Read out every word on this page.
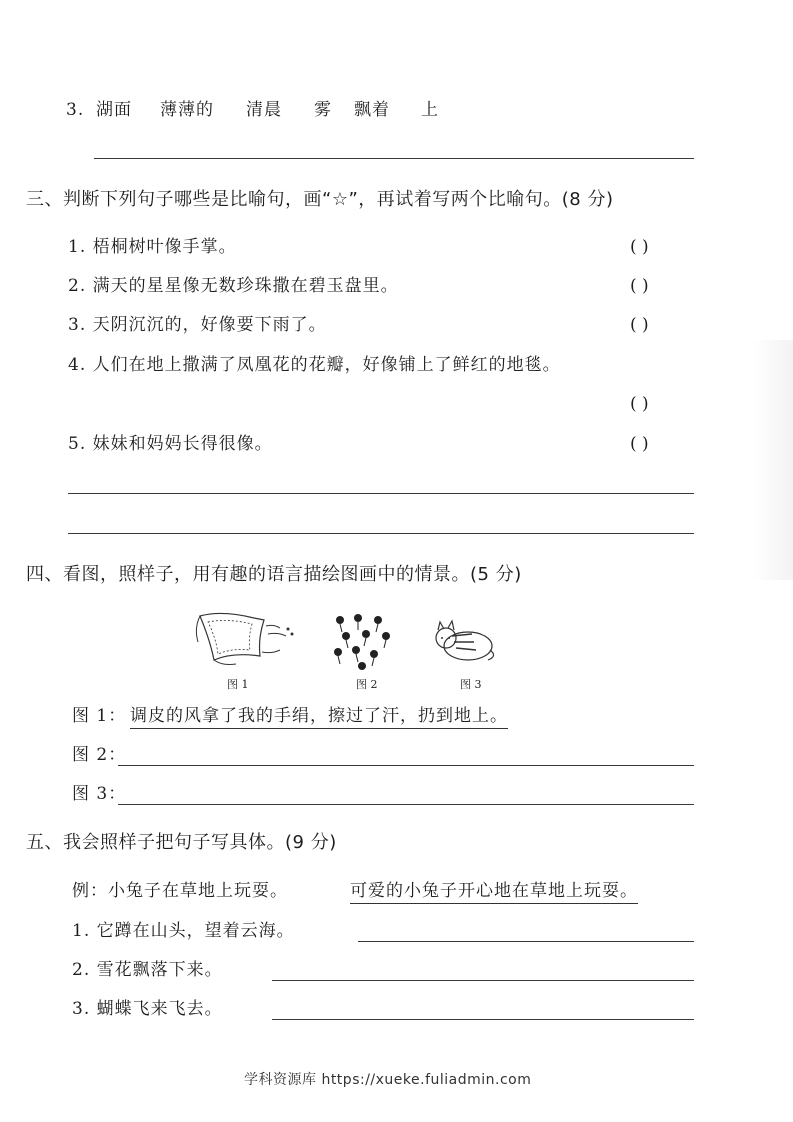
3. 湖面 薄薄的 清晨 雾 飘着 上
三、判断下列句子哪些是比喻句，画“☆”，再试着写两个比喻句。(8 分)
1. 梧桐树叶像手掌。	( )
2. 满天的星星像无数珍珠撒在碧玉盘里。	( )
3. 天阴沉沉的，好像要下雨了。	( )
4. 人们在地上撒满了凤凰花的花瓣，好像铺上了鲜红的地毯。
( )
5. 妹妹和妈妈长得很像。	( )
四、看图，照样子，用有趣的语言描绘图画中的情景。(5 分)
图 1	图 2	图 3
图 1： 调皮的风拿了我的手绢，擦过了汗，扔到地上。
图 2：
图 3：
五、我会照样子把句子写具体。(9 分)
例：小兔子在草地上玩耍。	可爱的小兔子开心地在草地上玩耍。
1. 它蹲在山头，望着云海。
2. 雪花飘落下来。
3. 蝴蝶飞来飞去。
学科资源库 https://xueke.fuliadmin.com
